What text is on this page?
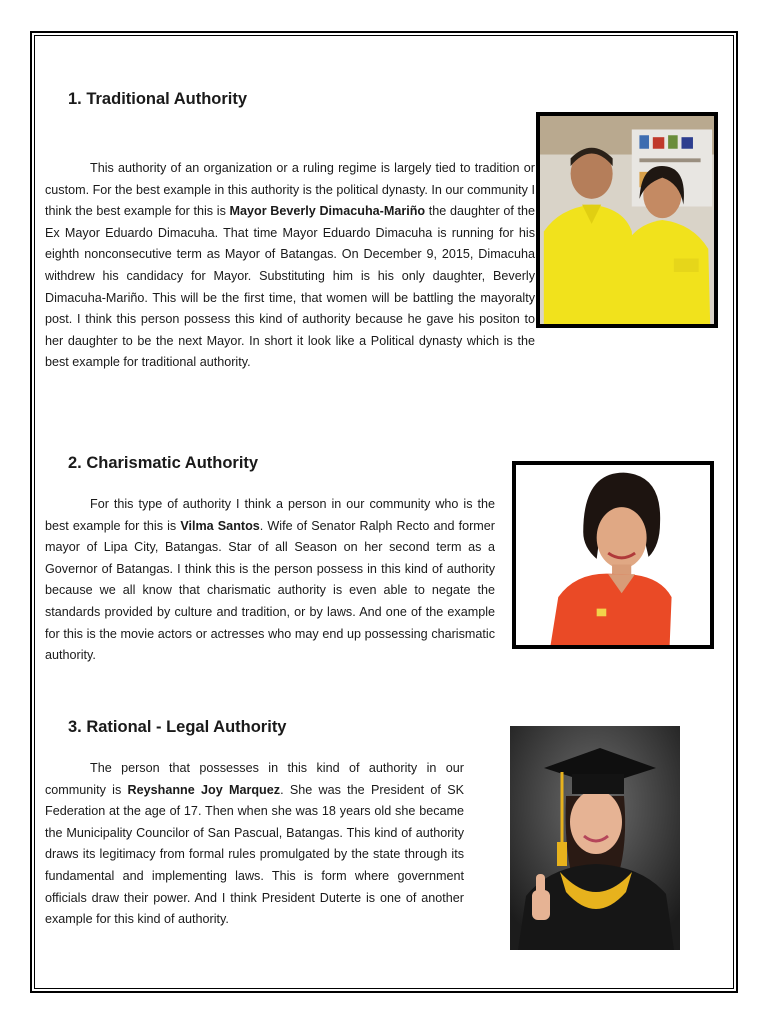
1. Traditional Authority

This authority of an organization or a ruling regime is largely tied to tradition or custom. For the best example in this authority is the political dynasty. In our community I think the best example for this is Mayor Beverly Dimacuha-Mariño the daughter of the Ex Mayor Eduardo Dimacuha. That time Mayor Eduardo Dimacuha is running for his eighth nonconsecutive term as Mayor of Batangas. On December 9, 2015, Dimacuha withdrew his candidacy for Mayor. Substituting him is his only daughter, Beverly Dimacuha-Mariño. This will be the first time, that women will be battling the mayoralty post. I think this person possess this kind of authority because he gave his positon to her daughter to be the next Mayor. In short it look like a Political dynasty which is the best example for traditional authority.

2. Charismatic Authority

For this type of authority I think a person in our community who is the best example for this is Vilma Santos. Wife of Senator Ralph Recto and former mayor of Lipa City, Batangas. Star of all Season on her second term as a Governor of Batangas. I think this is the person possess in this kind of authority because we all know that charismatic authority is even able to negate the standards provided by culture and tradition, or by laws. And one of the example for this is the movie actors or actresses who may end up possessing charismatic authority.

3. Rational - Legal Authority

The person that possesses in this kind of authority in our community is Reyshanne Joy Marquez. She was the President of SK Federation at the age of 17. Then when she was 18 years old she became the Municipality Councilor of San Pascual, Batangas. This kind of authority draws its legitimacy from formal rules promulgated by the state through its fundamental and implementing laws. This is form where government officials draw their power. And I think President Duterte is one of another example for this kind of authority.
